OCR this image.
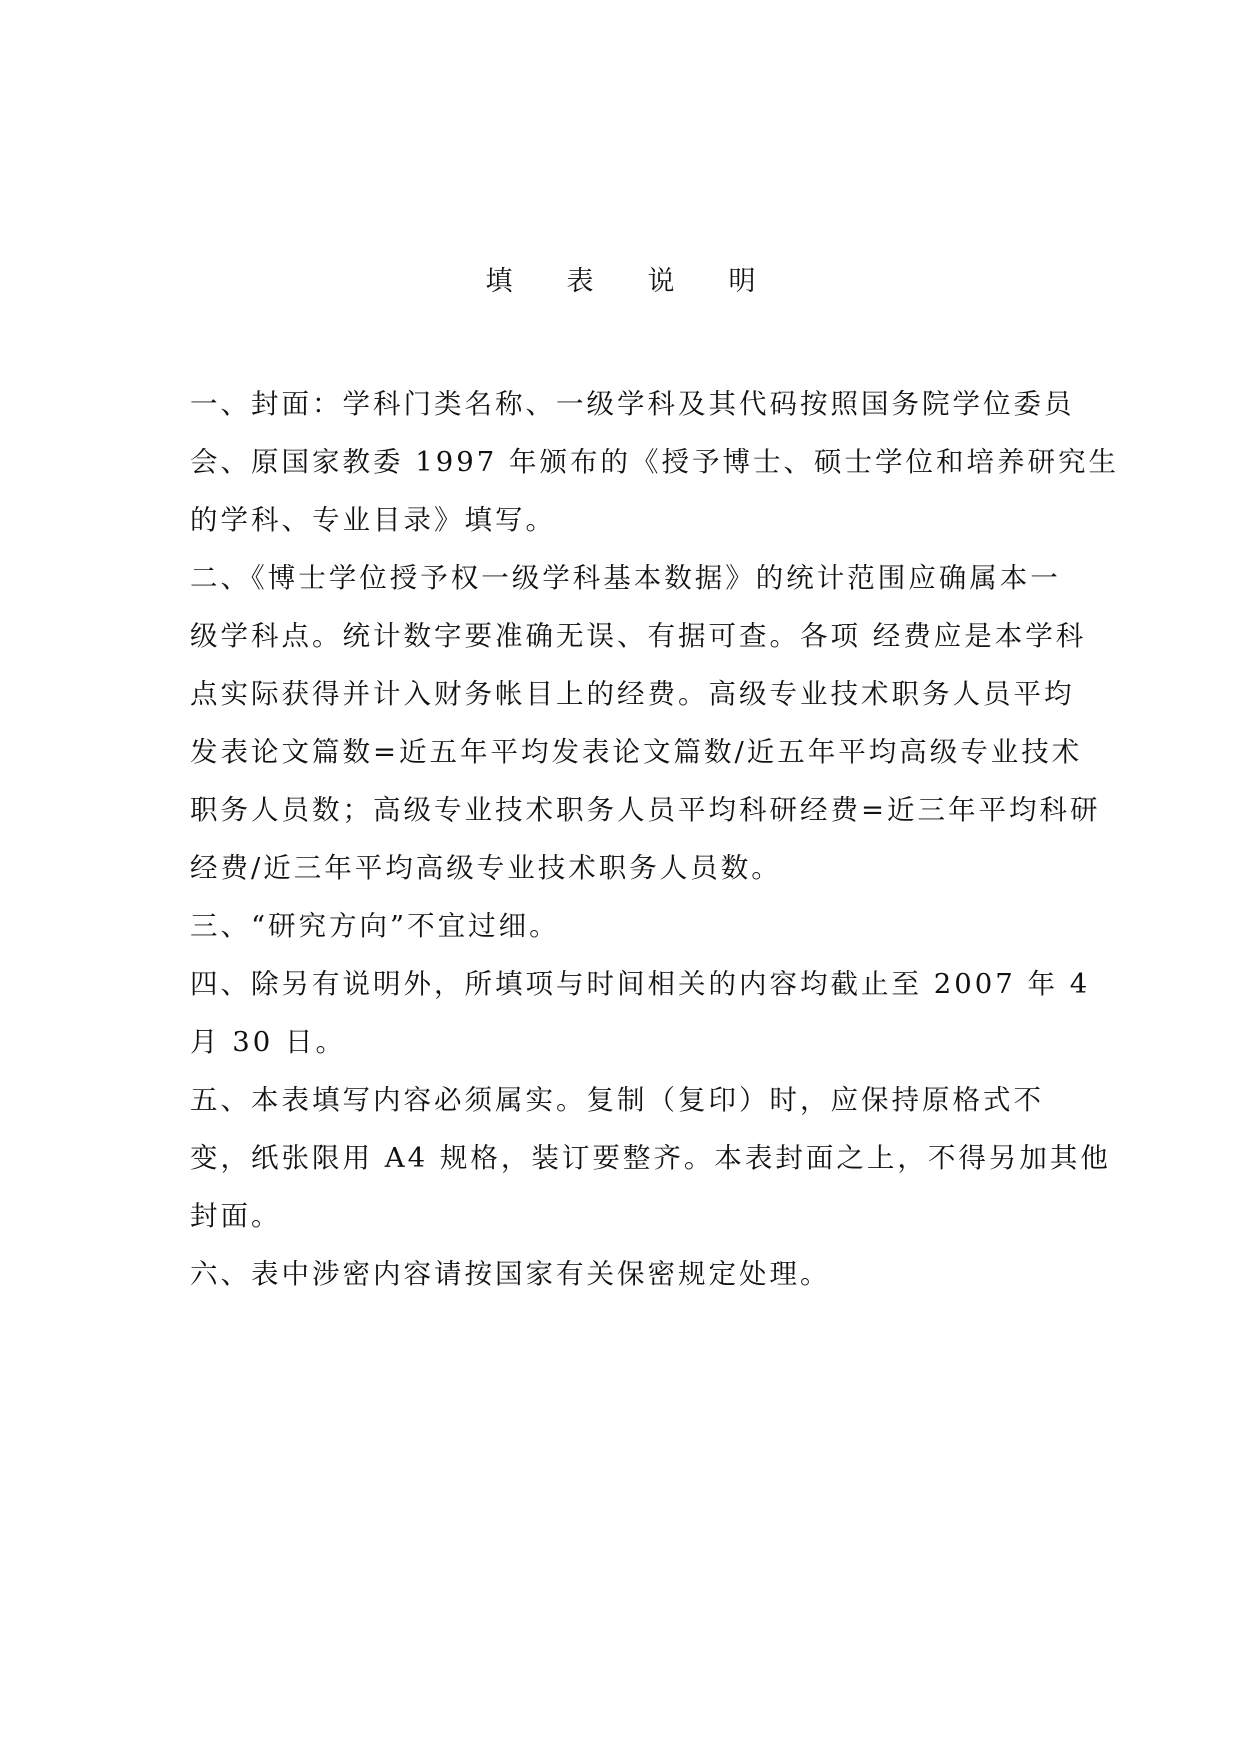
填表说明
一、封面：学科门类名称、一级学科及其代码按照国务院学位委员
会、原国家教委 1997 年颁布的《授予博士、硕士学位和培养研究生
的学科、专业目录》填写。
二、《博士学位授予权一级学科基本数据》的统计范围应确属本一
级学科点。统计数字要准确无误、有据可查。各项 经费应是本学科
点实际获得并计入财务帐目上的经费。高级专业技术职务人员平均
发表论文篇数=近五年平均发表论文篇数/近五年平均高级专业技术
职务人员数；高级专业技术职务人员平均科研经费=近三年平均科研
经费/近三年平均高级专业技术职务人员数。
三、“研究方向”不宜过细。
四、除另有说明外，所填项与时间相关的内容均截止至 2007 年 4
月 30 日。
五、本表填写内容必须属实。复制（复印）时，应保持原格式不
变，纸张限用 A4 规格，装订要整齐。本表封面之上，不得另加其他
封面。
六、表中涉密内容请按国家有关保密规定处理。
